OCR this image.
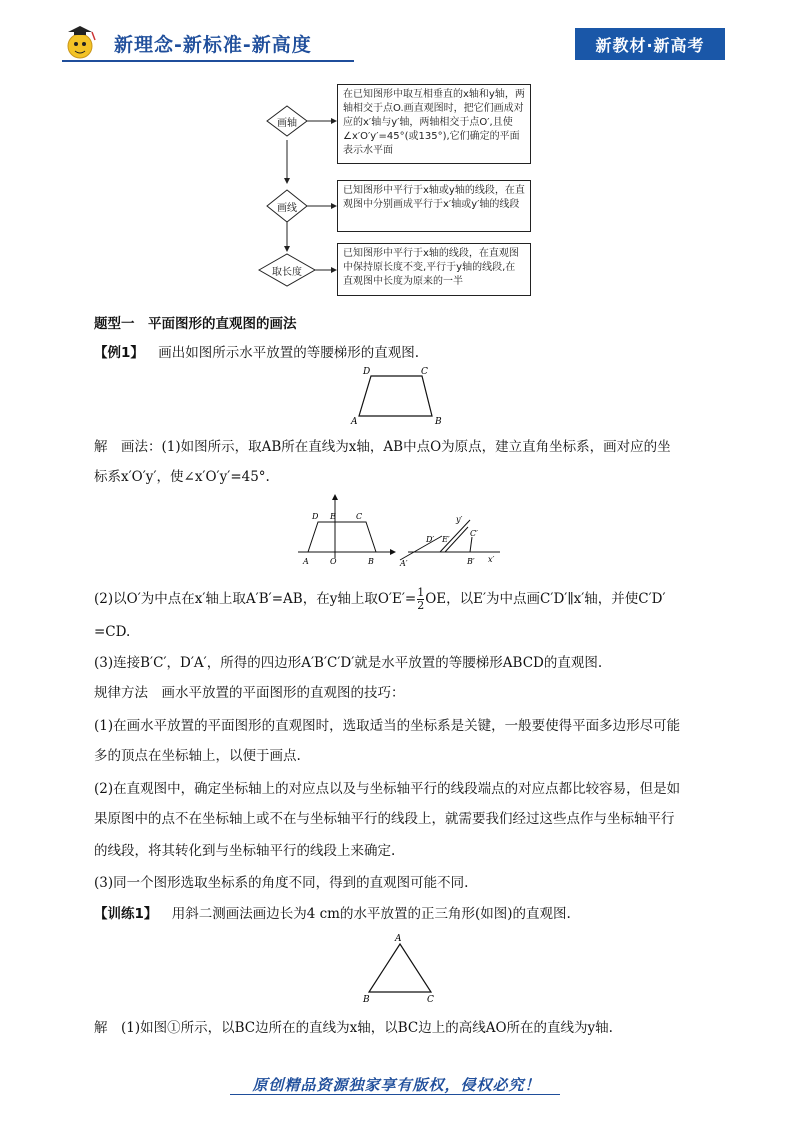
新理念-新标准-新高度	新教材·新高考
画轴
画线
取长度
在已知图形中取互相垂直的x轴和y轴，两轴相交于点O.画直观图时，把它们画成对应的x′轴与y′轴，两轴相交于点O′,且使∠x′O′y′=45°(或135°),它们确定的平面表示水平面
已知图形中平行于x轴或y轴的线段，在直观图中分别画成平行于x′轴或y′轴的线段
已知图形中平行于x轴的线段，在直观图中保持原长度不变,平行于y轴的线段,在直观图中长度为原来的一半
题型一　平面图形的直观图的画法
【例1】 画出如图所示水平放置的等腰梯形的直观图.
D	C
A	B
解　画法：(1)如图所示，取AB所在直线为x轴，AB中点O为原点，建立直角坐标系，画对应的坐
标系x′O′y′，使∠x′O′y′=45°.
D E	C
A	O	B	A′
D′ E′
C′
y′
B′ x′
(2)以O′为中点在x′轴上取A′B′=AB，在y轴上取$O'E'= \frac{1}{2}$ OE，以E′为中点画C′D′∥x′轴，并使C′D′
=CD.
(3)连接B′C′，D′A′，所得的四边形A′B′C′D′就是水平放置的等腰梯形ABCD的直观图.
规律方法　画水平放置的平面图形的直观图的技巧：
(1)在画水平放置的平面图形的直观图时，选取适当的坐标系是关键，一般要使得平面多边形尽可能
多的顶点在坐标轴上，以便于画点.
(2)在直观图中，确定坐标轴上的对应点以及与坐标轴平行的线段端点的对应点都比较容易，但是如
果原图中的点不在坐标轴上或不在与坐标轴平行的线段上，就需要我们经过这些点作与坐标轴平行
的线段，将其转化到与坐标轴平行的线段上来确定.
(3)同一个图形选取坐标系的角度不同，得到的直观图可能不同.
【训练1】 用斜二测画法画边长为4 cm的水平放置的正三角形(如图)的直观图.
A
B	C
解　(1)如图①所示，以BC边所在的直线为x轴，以BC边上的高线AO所在的直线为y轴.
原创精品资源独家享有版权，侵权必究！
